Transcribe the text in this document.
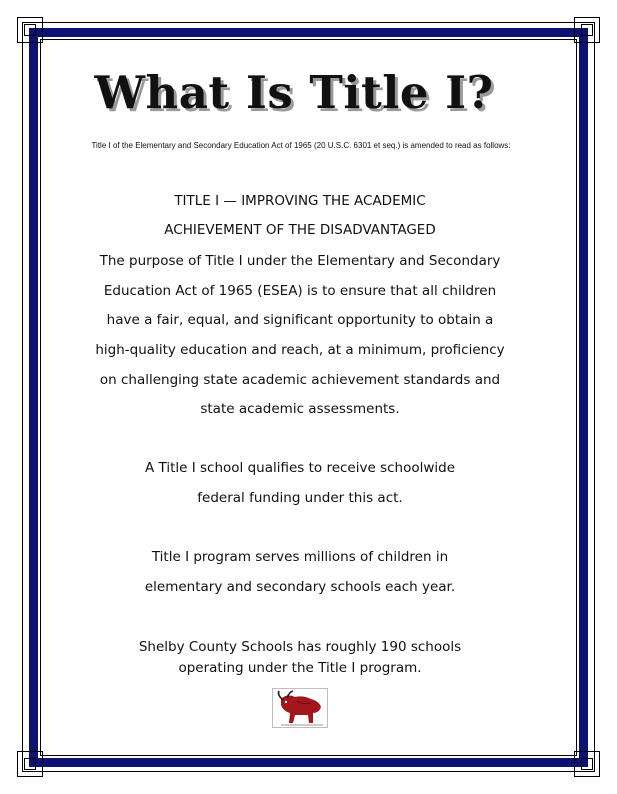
What Is Title I?
Title I of the Elementary and Secondary Education Act of 1965 (20 U.S.C. 6301 et seq.) is amended to read as follows:
TITLE I — IMPROVING THE ACADEMIC
ACHIEVEMENT OF THE DISADVANTAGED
The purpose of Title I under the Elementary and Secondary
Education Act of 1965 (ESEA) is to ensure that all children
have a fair, equal, and significant opportunity to obtain a
high-quality education and reach, at a minimum, proficiency
on challenging state academic achievement standards and
state academic assessments.
A Title I school qualifies to receive schoolwide
federal funding under this act.
Title I program serves millions of children in
elementary and secondary schools each year.
Shelby County Schools has roughly 190 schools
operating under the Title I program.
